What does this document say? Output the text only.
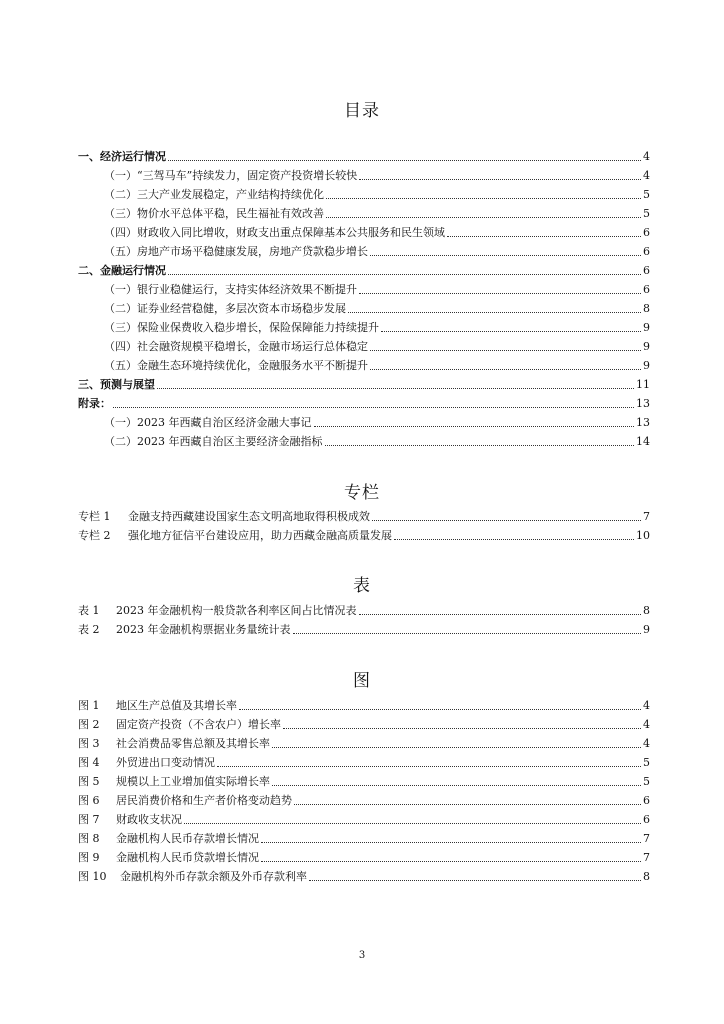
目录
一、经济运行情况	4
（一）“三驾马车”持续发力，固定资产投资增长较快	4
（二）三大产业发展稳定，产业结构持续优化	5
（三）物价水平总体平稳，民生福祉有效改善	5
（四）财政收入同比增收，财政支出重点保障基本公共服务和民生领域	6
（五）房地产市场平稳健康发展，房地产贷款稳步增长	6
二、金融运行情况	6
（一）银行业稳健运行，支持实体经济效果不断提升	6
（二）证券业经营稳健，多层次资本市场稳步发展	8
（三）保险业保费收入稳步增长，保险保障能力持续提升	9
（四）社会融资规模平稳增长，金融市场运行总体稳定	9
（五）金融生态环境持续优化，金融服务水平不断提升	9
三、预测与展望	11
附录：	13
（一）2023 年西藏自治区经济金融大事记	13
（二）2023 年西藏自治区主要经济金融指标	14
专栏
专栏 1	金融支持西藏建设国家生态文明高地取得积极成效	7
专栏 2	强化地方征信平台建设应用，助力西藏金融高质量发展	10
表
表 1	2023 年金融机构一般贷款各利率区间占比情况表	8
表 2	2023 年金融机构票据业务量统计表	9
图
图 1	地区生产总值及其增长率	4
图 2	固定资产投资（不含农户）增长率	4
图 3	社会消费品零售总额及其增长率	4
图 4	外贸进出口变动情况	5
图 5	规模以上工业增加值实际增长率	5
图 6	居民消费价格和生产者价格变动趋势	6
图 7	财政收支状况	6
图 8	金融机构人民币存款增长情况	7
图 9	金融机构人民币贷款增长情况	7
图 10	金融机构外币存款余额及外币存款利率	8
3
